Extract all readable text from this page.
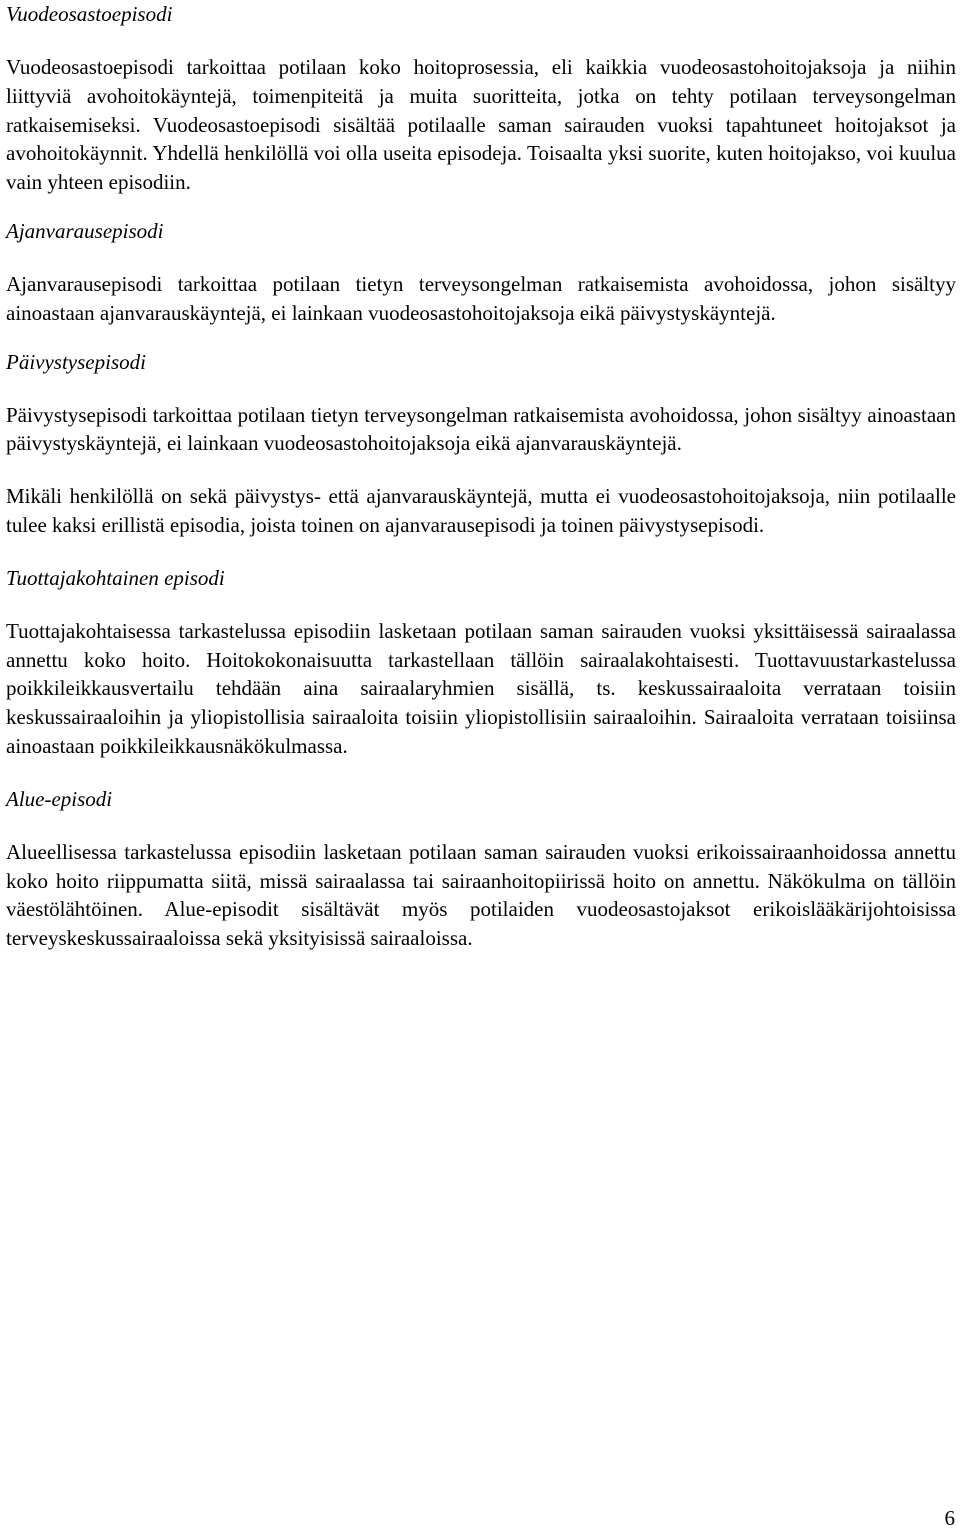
Vuodeosastoepisodi

Vuodeosastoepisodi tarkoittaa potilaan koko hoitoprosessia, eli kaikkia vuodeosastohoitojaksoja ja niihin liittyviä avohoitokäyntejä, toimenpiteitä ja muita suoritteita, jotka on tehty potilaan terveysongelman ratkaisemiseksi. Vuodeosastoepisodi sisältää potilaalle saman sairauden vuoksi tapahtuneet hoitojaksot ja avohoitokäynnit. Yhdellä henkilöllä voi olla useita episodeja. Toisaalta yksi suorite, kuten hoitojakso, voi kuulua vain yhteen episodiin.

Ajanvarausepisodi

Ajanvarausepisodi tarkoittaa potilaan tietyn terveysongelman ratkaisemista avohoidossa, johon sisältyy ainoastaan ajanvarauskäyntejä, ei lainkaan vuodeosastohoitojaksoja eikä päivystyskäyntejä.

Päivystysepisodi

Päivystysepisodi tarkoittaa potilaan tietyn terveysongelman ratkaisemista avohoidossa, johon sisältyy ainoastaan päivystyskäyntejä, ei lainkaan vuodeosastohoitojaksoja eikä ajanvarauskäyntejä.

Mikäli henkilöllä on sekä päivystys- että ajanvarauskäyntejä, mutta ei vuodeosastohoitojaksoja, niin potilaalle tulee kaksi erillistä episodia, joista toinen on ajanvarausepisodi ja toinen päivystysepisodi.

Tuottajakohtainen episodi

Tuottajakohtaisessa tarkastelussa episodiin lasketaan potilaan saman sairauden vuoksi yksittäisessä sairaalassa annettu koko hoito. Hoitokokonaisuutta tarkastellaan tällöin sairaalakohtaisesti. Tuottavuustarkastelussa poikkileikkausvertailu tehdään aina sairaalaryhmien sisällä, ts. keskussairaaloita verrataan toisiin keskussairaaloihin ja yliopistollisia sairaaloita toisiin yliopistollisiin sairaaloihin. Sairaaloita verrataan toisiinsa ainoastaan poikkileikkausnäkökulmassa.

Alue-episodi

Alueellisessa tarkastelussa episodiin lasketaan potilaan saman sairauden vuoksi erikoissairaanhoidossa annettu koko hoito riippumatta siitä, missä sairaalassa tai sairaanhoitopiirissä hoito on annettu. Näkökulma on tällöin väestölähtöinen. Alue-episodit sisältävät myös potilaiden vuodeosastojaksot erikoislääkärijohtoisissa terveyskeskussairaaloissa sekä yksityisissä sairaaloissa.

6
